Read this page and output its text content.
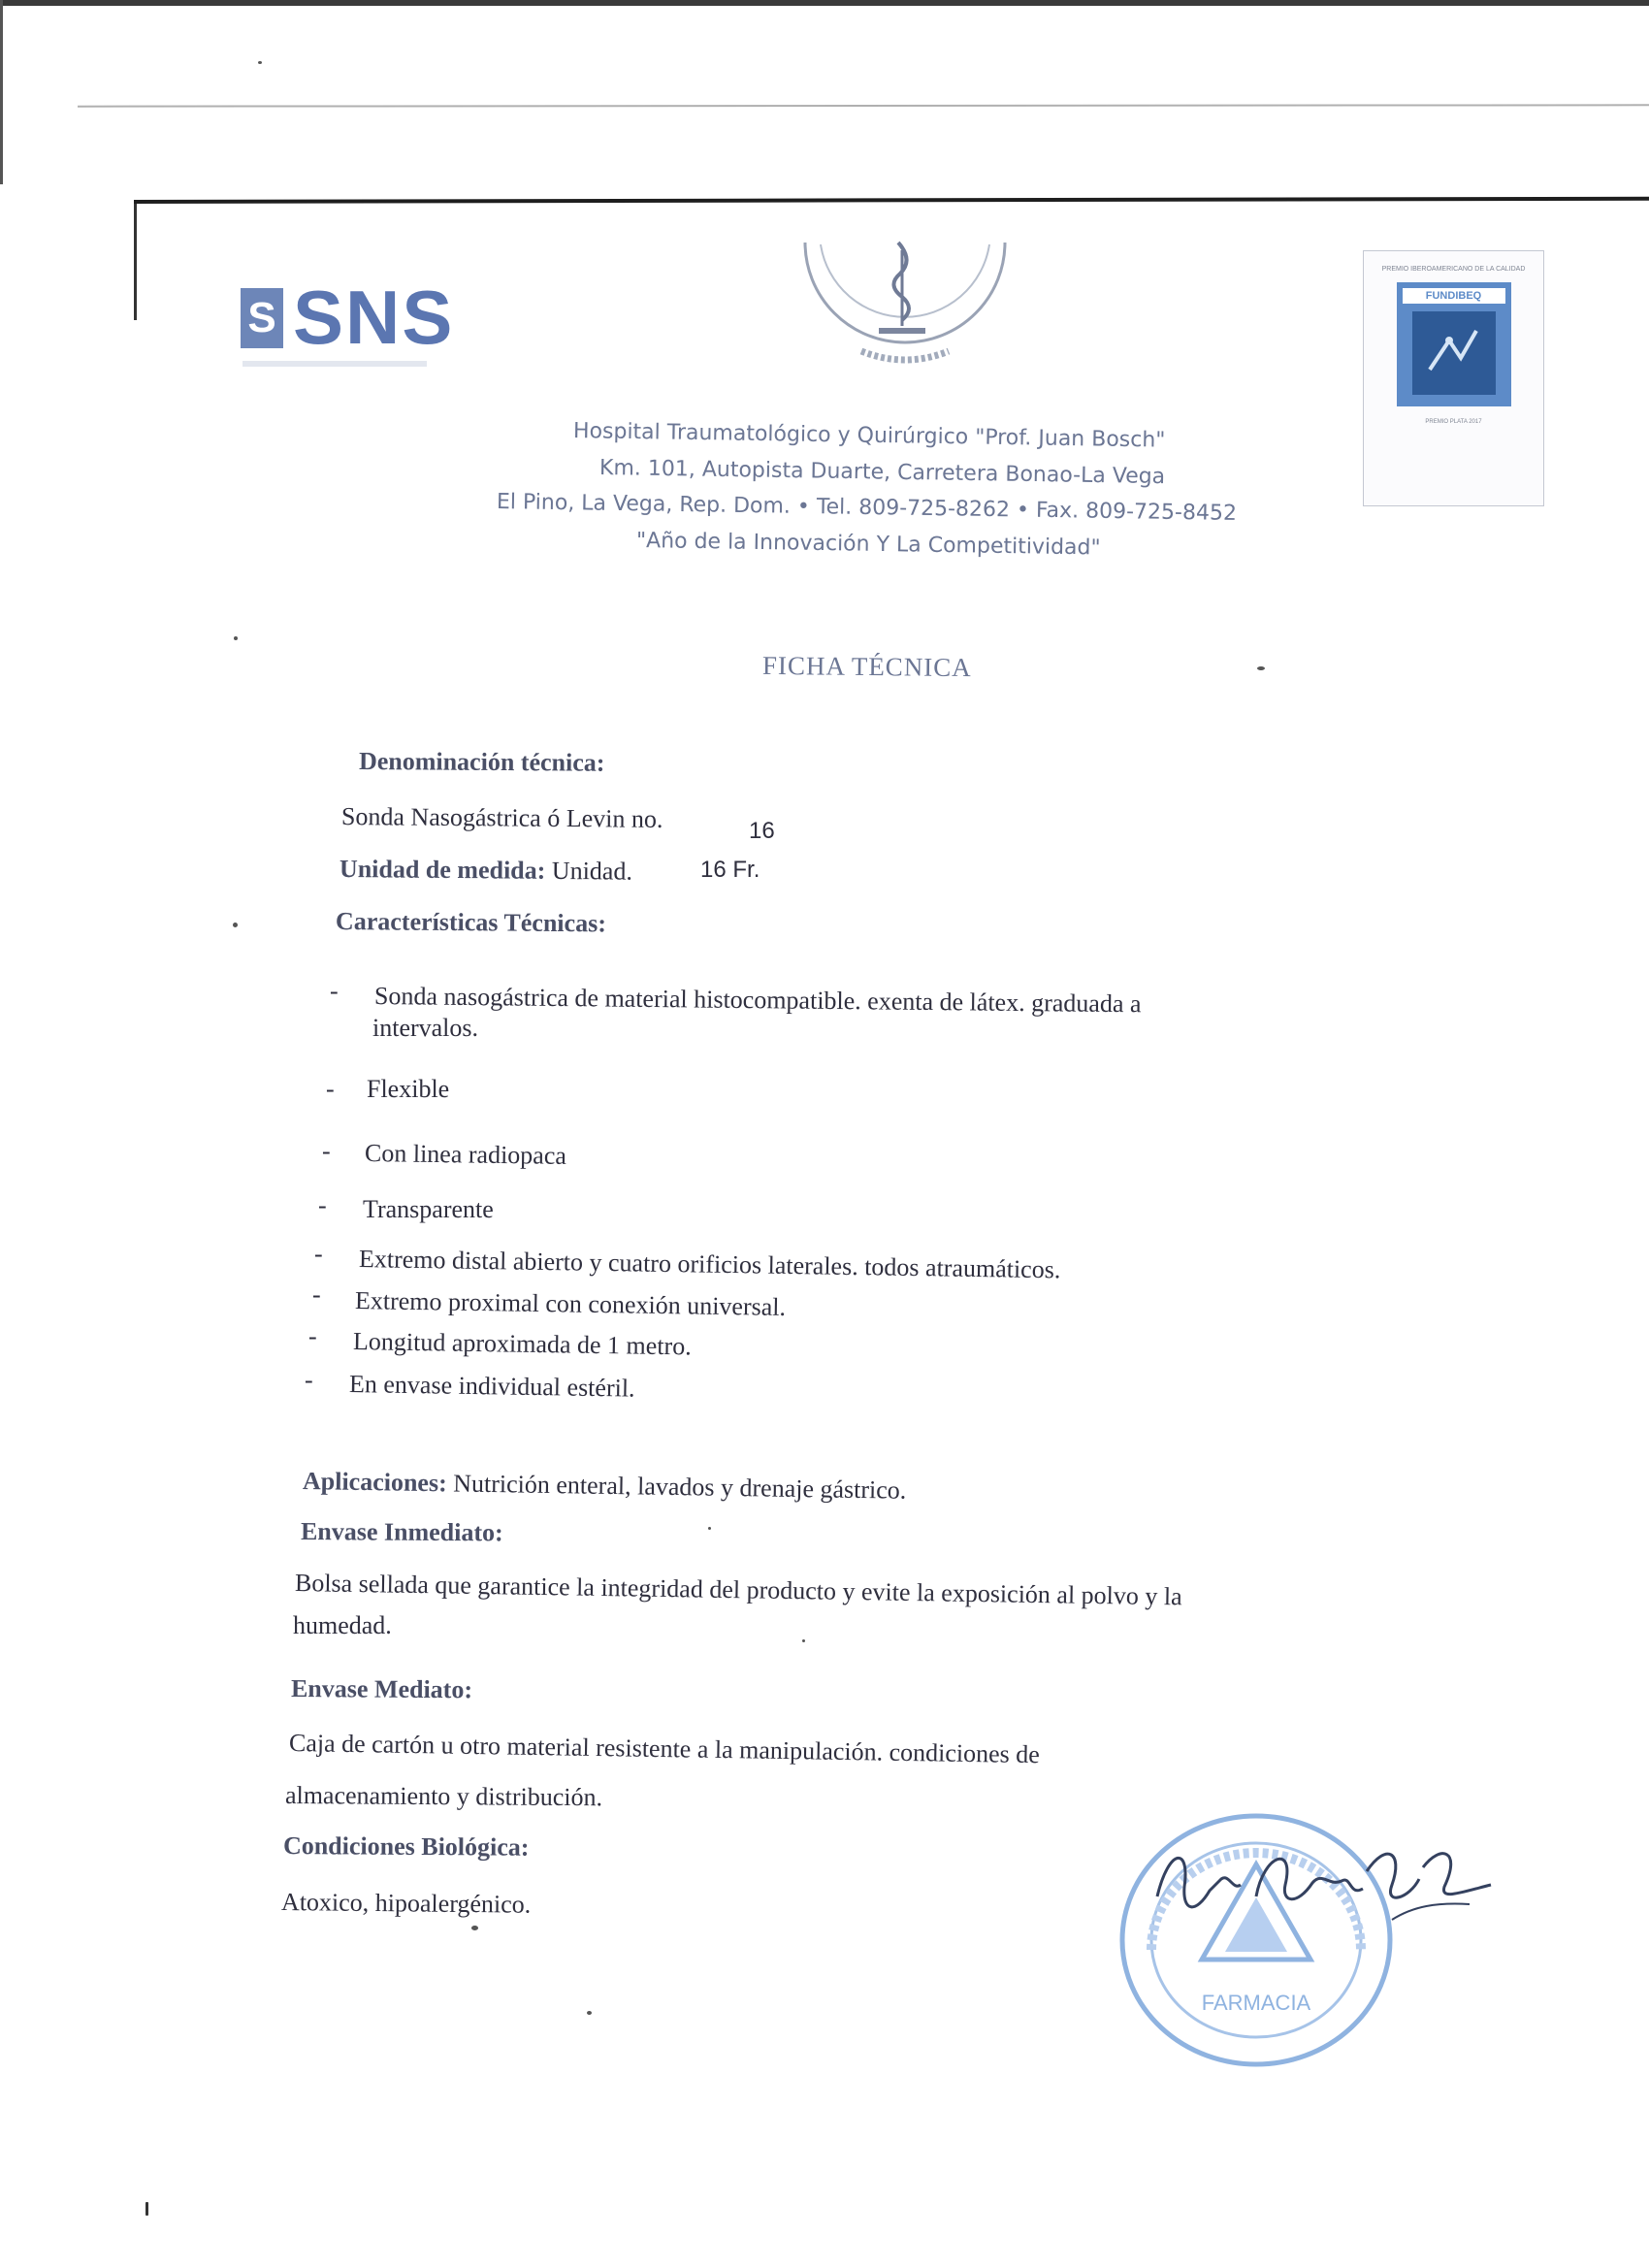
S SNS
PREMIO IBEROAMERICANO DE LA CALIDAD
FUNDIBEQ
PREMIO PLATA 2017
Hospital Traumatológico y Quirúrgico "Prof. Juan Bosch"
Km. 101, Autopista Duarte, Carretera Bonao-La Vega
El Pino, La Vega, Rep. Dom. • Tel. 809-725-8262 • Fax. 809-725-8452
"Año de la Innovación Y La Competitividad"
FICHA TÉCNICA
Denominación técnica:
Sonda Nasogástrica ó Levin no.	16
Unidad de medida: Unidad.	16 Fr.
Características Técnicas:
- Sonda nasogástrica de material histocompatible. exenta de látex. graduada a
intervalos.
- Flexible
- Con linea radiopaca
- Transparente
- Extremo distal abierto y cuatro orificios laterales. todos atraumáticos.
- Extremo proximal con conexión universal.
- Longitud aproximada de 1 metro.
- En envase individual estéril.
Aplicaciones: Nutrición enteral, lavados y drenaje gástrico.
Envase Inmediato:
Bolsa sellada que garantice la integridad del producto y evite la exposición al polvo y la
humedad.
Envase Mediato:
Caja de cartón u otro material resistente a la manipulación. condiciones de
almacenamiento y distribución.
Condiciones Biológica:
Atoxico, hipoalergénico.
FARMACIA
